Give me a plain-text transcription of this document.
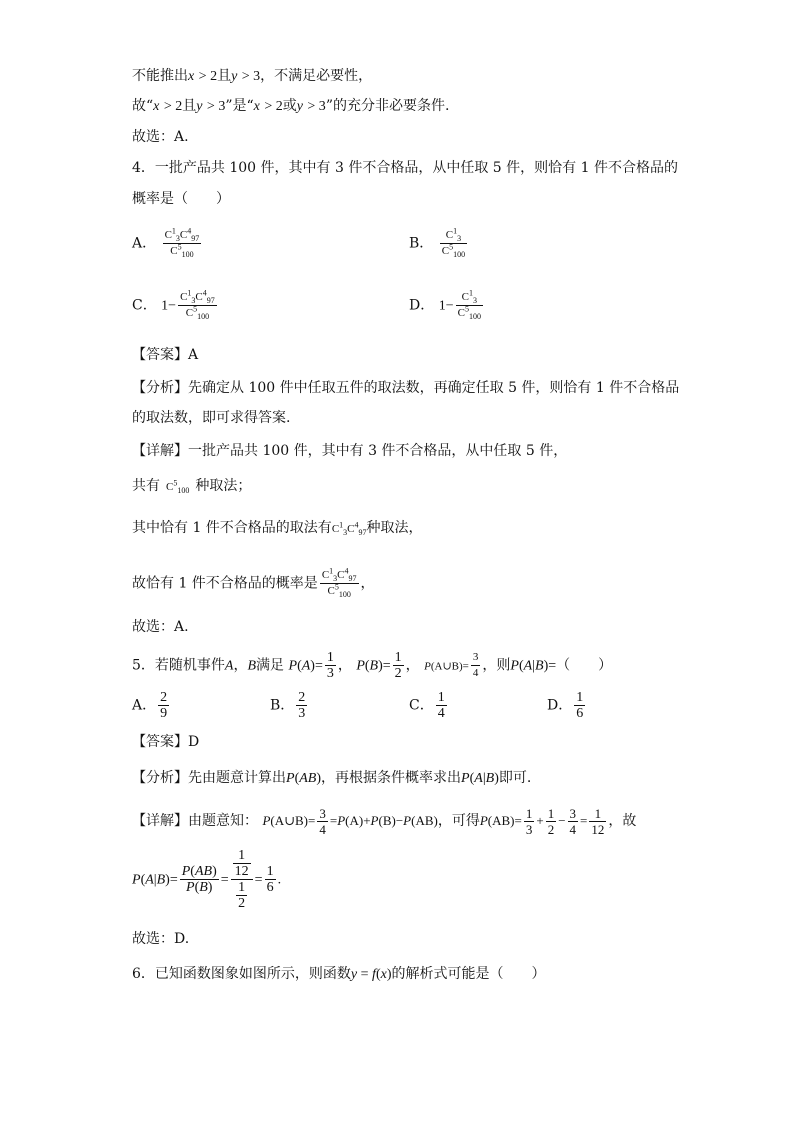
不能推出x > 2且y > 3，不满足必要性，
故“x > 2且y > 3”是“x > 2或y > 3”的充分非必要条件.
故选：A.
4．一批产品共 100 件，其中有 3 件不合格品，从中任取 5 件，则恰有 1 件不合格品的
概率是（　　）
A． $\frac{C^1_3C^4_{97}}{C^5_{100}}$	B． $\frac{C^1_3}{C^5_{100}}$
C． $1- \frac{C^1_3C^4_{97}}{C^5_{100}}$	D． $1- \frac{C^1_3}{C^5_{100}}$
【答案】A
【分析】先确定从 100 件中任取五件的取法数，再确定任取 5 件，则恰有 1 件不合格品
的取法数，即可求得答案.
【详解】一批产品共 100 件，其中有 3 件不合格品，从中任取 5 件，
共有 $C^5_{100}$ 种取法；
其中恰有 1 件不合格品的取法有$C^1_3C^4_{97}$种取法，
故恰有 1 件不合格品的概率是 $\frac{C^1_3C^4_{97}}{C^5_{100}}$ ，
故选：A.
5．若随机事件A，B满足 $P(A)= \frac{1}{3}$ ， $P(B)= \frac{1}{2}$ ， P(A∪B)= $\frac{3}{4}$ ，则P(A|B)=（　　）
A． $\frac{2}{9}$	B． $\frac{2}{3}$	C． $\frac{1}{4}$	D． $\frac{1}{6}$
【答案】D
【分析】先由题意计算出P(AB)，再根据条件概率求出P(A|B)即可.
【详解】由题意知： P(A∪B)= $\frac{3}{4} =P(A)+P(B)-P(AB)$，可得$P(AB)= \frac{1}{3} + \frac{1}{2} - \frac{3}{4} = \frac{1}{12}$ ，故
$P(A|B)= \frac{P(AB)}{P(B)} = \frac{\frac{1}{12}}{\frac{1}{2}} = \frac{1}{6}$ .
故选：D.
6．已知函数图象如图所示，则函数y = f(x)的解析式可能是（　　）
